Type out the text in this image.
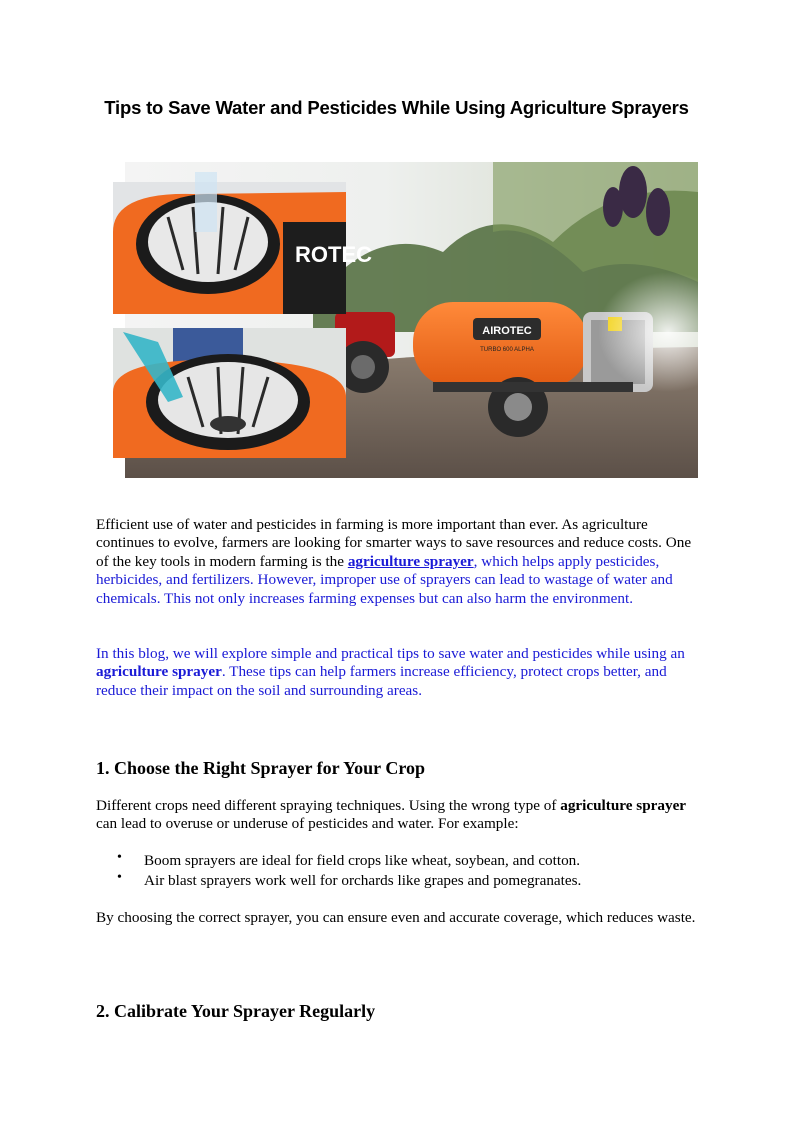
Tips to Save Water and Pesticides While Using Agriculture Sprayers
AIROTEC
TURBO 600 ALPHA
ROTEC
Efficient use of water and pesticides in farming is more important than ever. As agriculture continues to evolve, farmers are looking for smarter ways to save resources and reduce costs. One of the key tools in modern farming is the agriculture sprayer, which helps apply pesticides, herbicides, and fertilizers. However, improper use of sprayers can lead to wastage of water and chemicals. This not only increases farming expenses but can also harm the environment.
In this blog, we will explore simple and practical tips to save water and pesticides while using an agriculture sprayer. These tips can help farmers increase efficiency, protect crops better, and reduce their impact on the soil and surrounding areas.
1. Choose the Right Sprayer for Your Crop
Different crops need different spraying techniques. Using the wrong type of agriculture sprayer can lead to overuse or underuse of pesticides and water. For example:
• Boom sprayers are ideal for field crops like wheat, soybean, and cotton.
• Air blast sprayers work well for orchards like grapes and pomegranates.
By choosing the correct sprayer, you can ensure even and accurate coverage, which reduces waste.
2. Calibrate Your Sprayer Regularly
